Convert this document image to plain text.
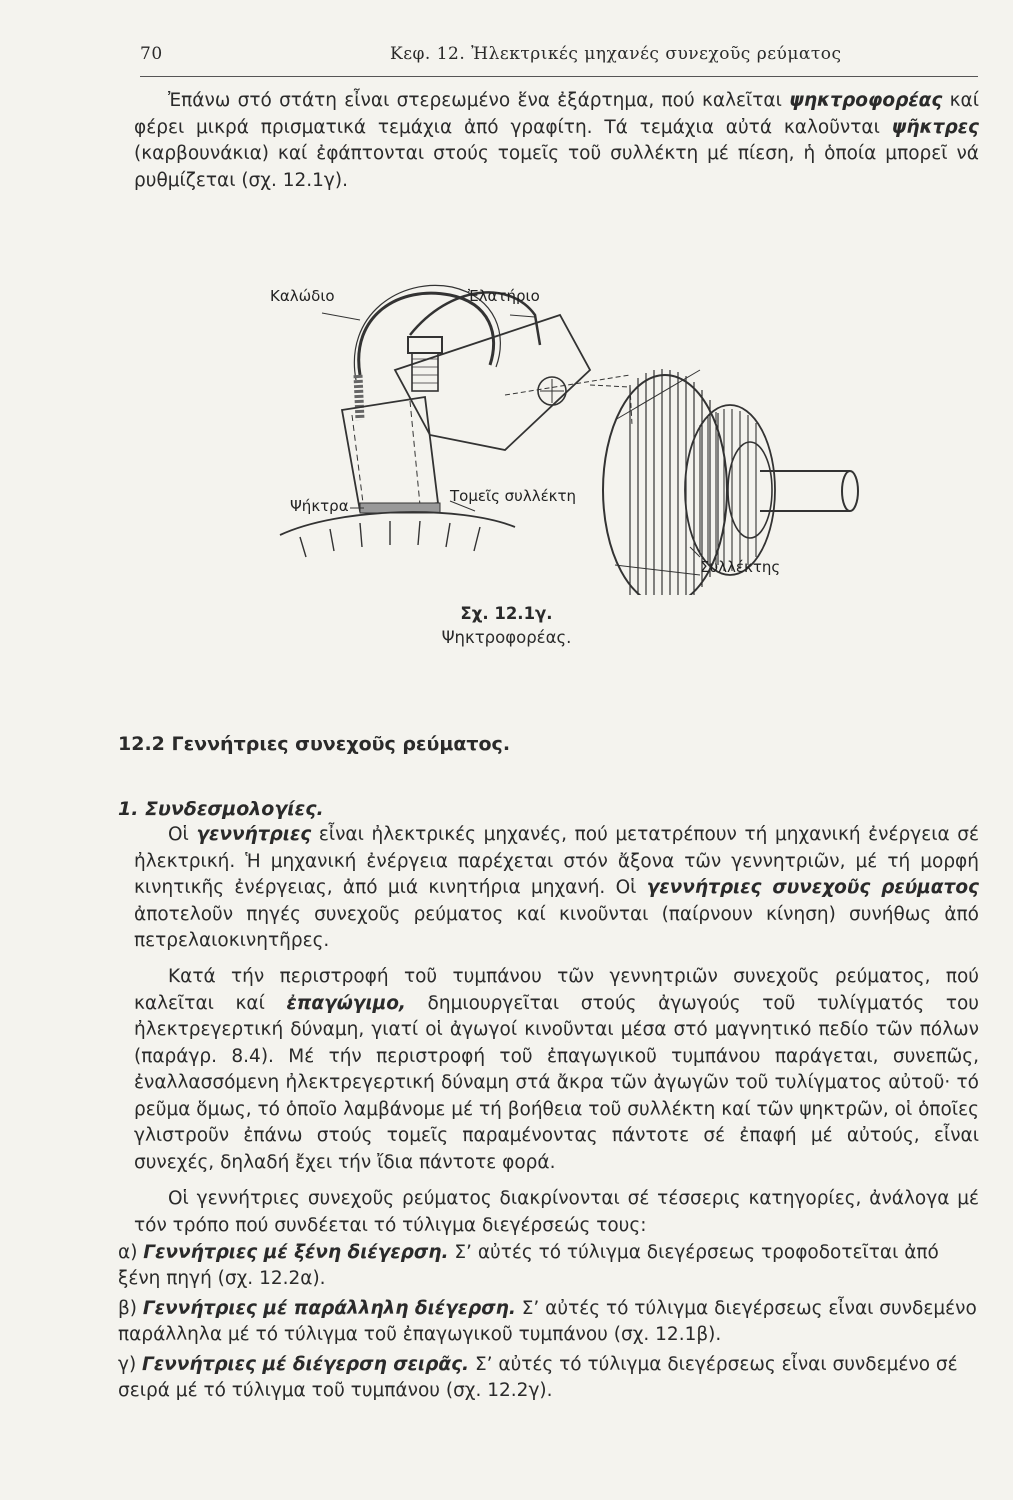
70	Κεφ. 12. Ἠλεκτρικές μηχανές συνεχοῦς ρεύματος

Ἐπάνω στό στάτη εἶναι στερεωμένο ἕνα ἐξάρτημα, πού καλεῖται ψηκτροφορέας καί φέρει μικρά πρισματικά τεμάχια ἀπό γραφίτη. Τά τεμάχια αὐτά καλοῦνται ψῆκτρες (καρβουνάκια) καί ἐφάπτονται στούς τομεῖς τοῦ συλλέκτη μέ πίεση, ἡ ὁποία μπορεῖ νά ρυθμίζεται (σχ. 12.1γ).

Καλώδιο	Ἐλατήριο
Ψήκτρα
Τομεῖς συλλέκτη
Συλλέκτης
Σχ. 12.1γ.
Ψηκτροφορέας.
12.2 Γεννήτριες συνεχοῦς ρεύματος.
1. Συνδεσμολογίες.

Οἱ γεννήτριες εἶναι ἠλεκτρικές μηχανές, πού μετατρέπουν τή μηχανική ἐνέργεια σέ ἠλεκτρική. Ἡ μηχανική ἐνέργεια παρέχεται στόν ἄξονα τῶν γεννητριῶν, μέ τή μορφή κινητικῆς ἐνέργειας, ἀπό μιά κινητήρια μηχανή. Οἱ γεννήτριες συνεχοῦς ρεύματος ἀποτελοῦν πηγές συνεχοῦς ρεύματος καί κινοῦνται (παίρνουν κίνηση) συνήθως ἀπό πετρελαιοκινητῆρες.

Κατά τήν περιστροφή τοῦ τυμπάνου τῶν γεννητριῶν συνεχοῦς ρεύματος, πού καλεῖται καί ἐπαγώγιμο, δημιουργεῖται στούς ἀγωγούς τοῦ τυλίγματός του ἠλεκτρεγερτική δύναμη, γιατί οἱ ἀγωγοί κινοῦνται μέσα στό μαγνητικό πεδίο τῶν πόλων (παράγρ. 8.4). Μέ τήν περιστροφή τοῦ ἐπαγωγικοῦ τυμπάνου παράγεται, συνεπῶς, ἐναλλασσόμενη ἠλεκτρεγερτική δύναμη στά ἄκρα τῶν ἀγωγῶν τοῦ τυλίγματος αὐτοῦ· τό ρεῦμα ὅμως, τό ὁποῖο λαμβάνομε μέ τή βοήθεια τοῦ συλλέκτη καί τῶν ψηκτρῶν, οἱ ὁποῖες γλιστροῦν ἐπάνω στούς τομεῖς παραμένοντας πάντοτε σέ ἐπαφή μέ αὐτούς, εἶναι συνεχές, δηλαδή ἔχει τήν ἴδια πάντοτε φορά.

Οἱ γεννήτριες συνεχοῦς ρεύματος διακρίνονται σέ τέσσερις κατηγορίες, ἀνάλογα μέ τόν τρόπο πού συνδέεται τό τύλιγμα διεγέρσεώς τους:

α) Γεννήτριες μέ ξένη διέγερση. Σ’ αὐτές τό τύλιγμα διεγέρσεως τροφοδοτεῖται ἀπό ξένη πηγή (σχ. 12.2α).
β) Γεννήτριες μέ παράλληλη διέγερση. Σ’ αὐτές τό τύλιγμα διεγέρσεως εἶναι συνδεμένο παράλληλα μέ τό τύλιγμα τοῦ ἐπαγωγικοῦ τυμπάνου (σχ. 12.1β).
γ) Γεννήτριες μέ διέγερση σειρᾶς. Σ’ αὐτές τό τύλιγμα διεγέρσεως εἶναι συνδεμένο σέ σειρά μέ τό τύλιγμα τοῦ τυμπάνου (σχ. 12.2γ).
